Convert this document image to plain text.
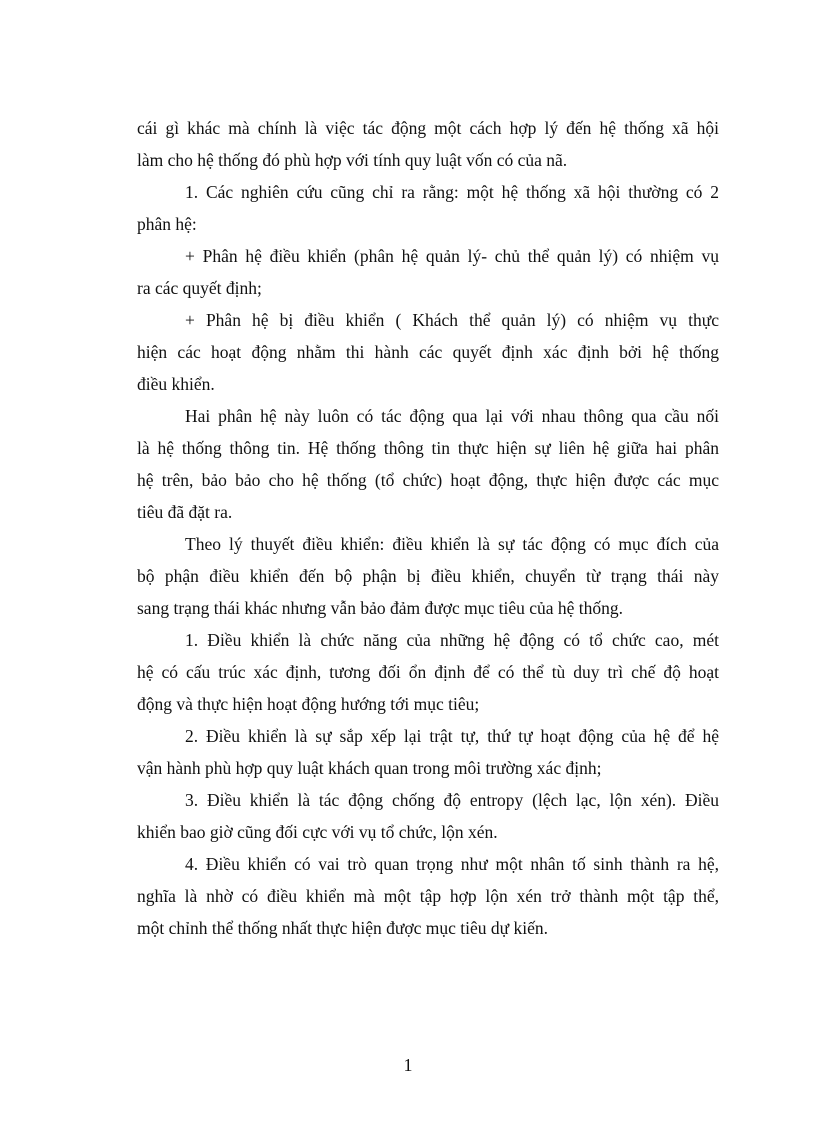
cái gì khác mà chính là việc tác động một cách hợp lý đến hệ thống xã hội
làm cho hệ thống đó phù hợp với tính quy luật vốn có của nã.
1. Các nghiên cứu cũng chỉ ra rằng: một hệ thống xã hội thường có 2
phân hệ:
+ Phân hệ điều khiển (phân hệ quản lý- chủ thể quản lý) có nhiệm vụ
ra các quyết định;
+ Phân hệ bị điều khiển ( Khách thể quản lý) có nhiệm vụ thực
hiện các hoạt động nhằm thi hành các quyết định xác định bởi hệ thống
điều khiển.
Hai phân hệ này luôn có tác động qua lại với nhau thông qua cầu nối
là hệ thống thông tin. Hệ thống thông tin thực hiện sự liên hệ giữa hai phân
hệ trên, bảo bảo cho hệ thống (tổ chức) hoạt động, thực hiện được các mục
tiêu đã đặt ra.
Theo lý thuyết điều khiển: điều khiển là sự tác động có mục đích của
bộ phận điều khiển đến bộ phận bị điều khiển, chuyển từ trạng thái này
sang trạng thái khác nhưng vẫn bảo đảm được mục tiêu của hệ thống.
1. Điều khiển là chức năng của những hệ động có tổ chức cao, mét
hệ có cấu trúc xác định, tương đối ổn định để có thể tù duy trì chế độ hoạt
động và thực hiện hoạt động hướng tới mục tiêu;
2. Điều khiển là sự sắp xếp lại trật tự, thứ tự hoạt động của hệ để hệ
vận hành phù hợp quy luật khách quan trong môi trường xác định;
3. Điều khiển là tác động chống độ entropy (lệch lạc, lộn xén). Điều
khiển bao giờ cũng đối cực với vụ tổ chức, lộn xén.
4. Điều khiển có vai trò quan trọng như một nhân tố sinh thành ra hệ,
nghĩa là nhờ có điều khiển mà một tập hợp lộn xén trở thành một tập thể,
một chỉnh thể thống nhất thực hiện được mục tiêu dự kiến.
1
